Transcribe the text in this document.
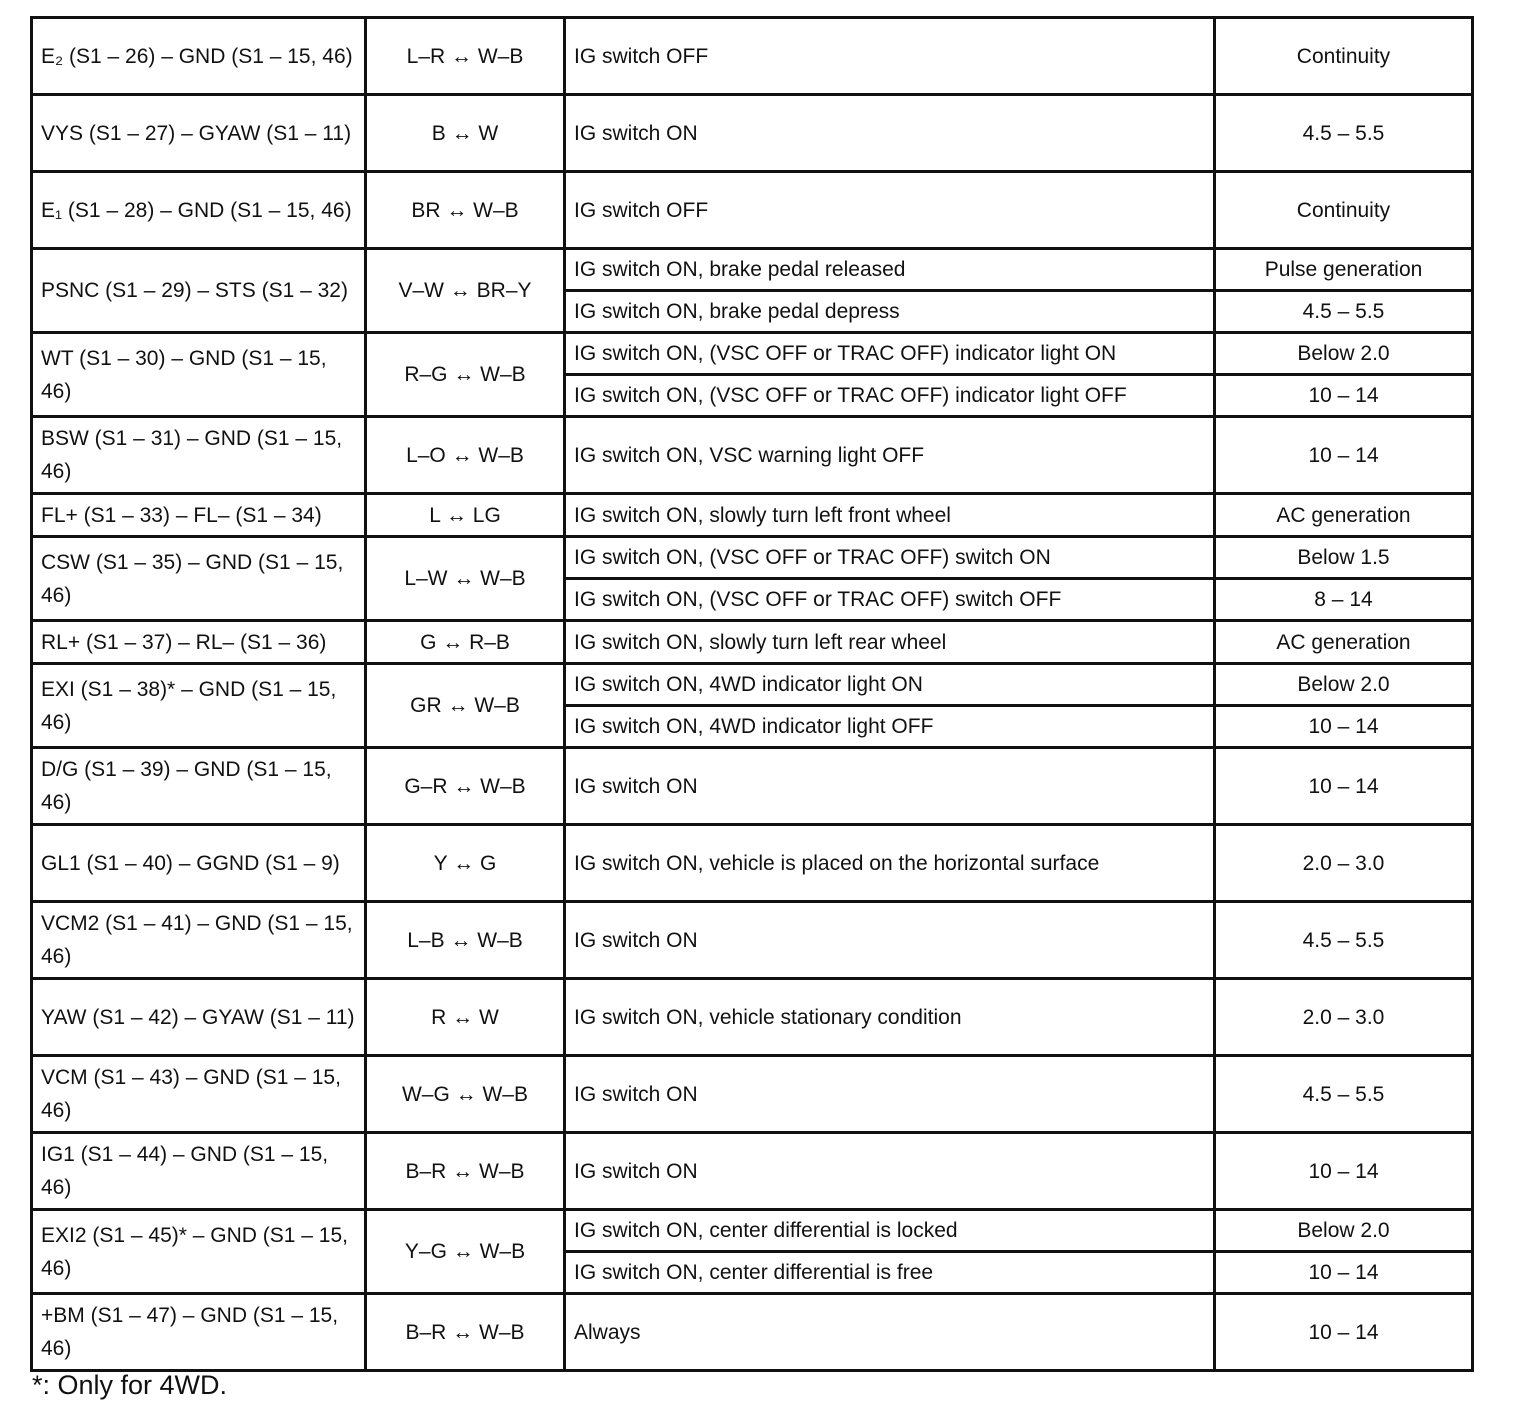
E₂ (S1 – 26) – GND (S1 – 15, 46)	L–R ↔ W–B	IG switch OFF	Continuity
VYS (S1 – 27) – GYAW (S1 – 11)	B ↔ W	IG switch ON	4.5 – 5.5
E₁ (S1 – 28) – GND (S1 – 15, 46)	BR ↔ W–B	IG switch OFF	Continuity
PSNC (S1 – 29) – STS (S1 – 32)	V–W ↔ BR–Y	IG switch ON, brake pedal released	Pulse generation
		IG switch ON, brake pedal depress	4.5 – 5.5
WT (S1 – 30) – GND (S1 – 15, 46)	R–G ↔ W–B	IG switch ON, (VSC OFF or TRAC OFF) indicator light ON	Below 2.0
		IG switch ON, (VSC OFF or TRAC OFF) indicator light OFF	10 – 14
BSW (S1 – 31) – GND (S1 – 15, 46)	L–O ↔ W–B	IG switch ON, VSC warning light OFF	10 – 14
FL+ (S1 – 33) – FL– (S1 – 34)	L ↔ LG	IG switch ON, slowly turn left front wheel	AC generation
CSW (S1 – 35) – GND (S1 – 15, 46)	L–W ↔ W–B	IG switch ON, (VSC OFF or TRAC OFF) switch ON	Below 1.5
		IG switch ON, (VSC OFF or TRAC OFF) switch OFF	8 – 14
RL+ (S1 – 37) – RL– (S1 – 36)	G ↔ R–B	IG switch ON, slowly turn left rear wheel	AC generation
EXI (S1 – 38)* – GND (S1 – 15, 46)	GR ↔ W–B	IG switch ON, 4WD indicator light ON	Below 2.0
		IG switch ON, 4WD indicator light OFF	10 – 14
D/G (S1 – 39) – GND (S1 – 15, 46)	G–R ↔ W–B	IG switch ON	10 – 14
GL1 (S1 – 40) – GGND (S1 – 9)	Y ↔ G	IG switch ON, vehicle is placed on the horizontal surface	2.0 – 3.0
VCM2 (S1 – 41) – GND (S1 – 15, 46)	L–B ↔ W–B	IG switch ON	4.5 – 5.5
YAW (S1 – 42) – GYAW (S1 – 11)	R ↔ W	IG switch ON, vehicle stationary condition	2.0 – 3.0
VCM (S1 – 43) – GND (S1 – 15, 46)	W–G ↔ W–B	IG switch ON	4.5 – 5.5
IG1 (S1 – 44) – GND (S1 – 15, 46)	B–R ↔ W–B	IG switch ON	10 – 14
EXI2 (S1 – 45)* – GND (S1 – 15, 46)	Y–G ↔ W–B	IG switch ON, center differential is locked	Below 2.0
		IG switch ON, center differential is free	10 – 14
+BM (S1 – 47) – GND (S1 – 15, 46)	B–R ↔ W–B	Always	10 – 14
*: Only for 4WD.
